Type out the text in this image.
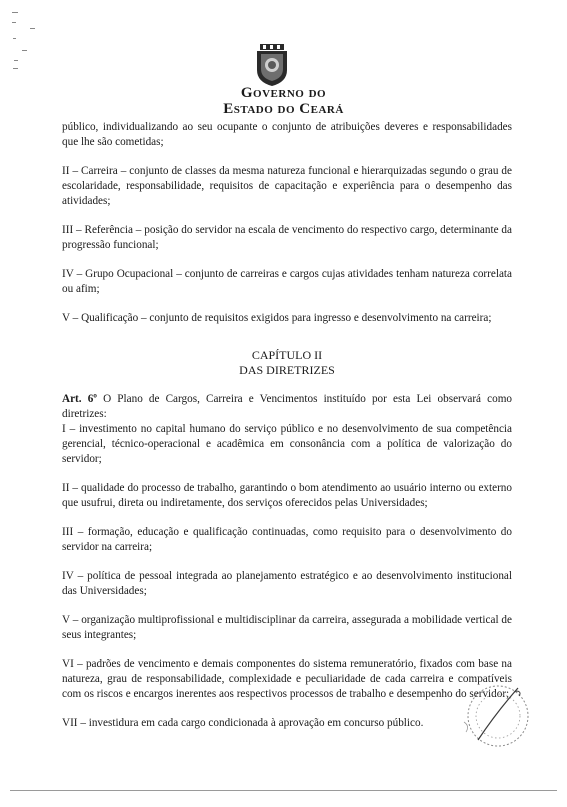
Governo do
Estado do Ceará

público, individualizando ao seu ocupante o conjunto de atribuições deveres e responsabilidades que lhe são cometidas;

II – Carreira – conjunto de classes da mesma natureza funcional e hierarquizadas segundo o grau de escolaridade, responsabilidade, requisitos de capacitação e experiência para o desempenho das atividades;

III – Referência – posição do servidor na escala de vencimento do respectivo cargo, determinante da progressão funcional;

IV – Grupo Ocupacional – conjunto de carreiras e cargos cujas atividades tenham natureza correlata ou afim;

V – Qualificação – conjunto de requisitos exigidos para ingresso e desenvolvimento na carreira;

CAPÍTULO II
DAS DIRETRIZES

Art. 6º O Plano de Cargos, Carreira e Vencimentos instituído por esta Lei observará como diretrizes:

I – investimento no capital humano do serviço público e no desenvolvimento de sua competência gerencial, técnico-operacional e acadêmica em consonância com a política de valorização do servidor;

II – qualidade do processo de trabalho, garantindo o bom atendimento ao usuário interno ou externo que usufrui, direta ou indiretamente, dos serviços oferecidos pelas Universidades;

III – formação, educação e qualificação continuadas, como requisito para o desenvolvimento do servidor na carreira;

IV – política de pessoal integrada ao planejamento estratégico e ao desenvolvimento institucional das Universidades;

V – organização multiprofissional e multidisciplinar da carreira, assegurada a mobilidade vertical de seus integrantes;

VI – padrões de vencimento e demais componentes do sistema remuneratório, fixados com base na natureza, grau de responsabilidade, complexidade e peculiaridade de cada carreira e compatíveis com os riscos e encargos inerentes aos respectivos processos de trabalho e desempenho do servidor;

VII – investidura em cada cargo condicionada à aprovação em concurso público.
